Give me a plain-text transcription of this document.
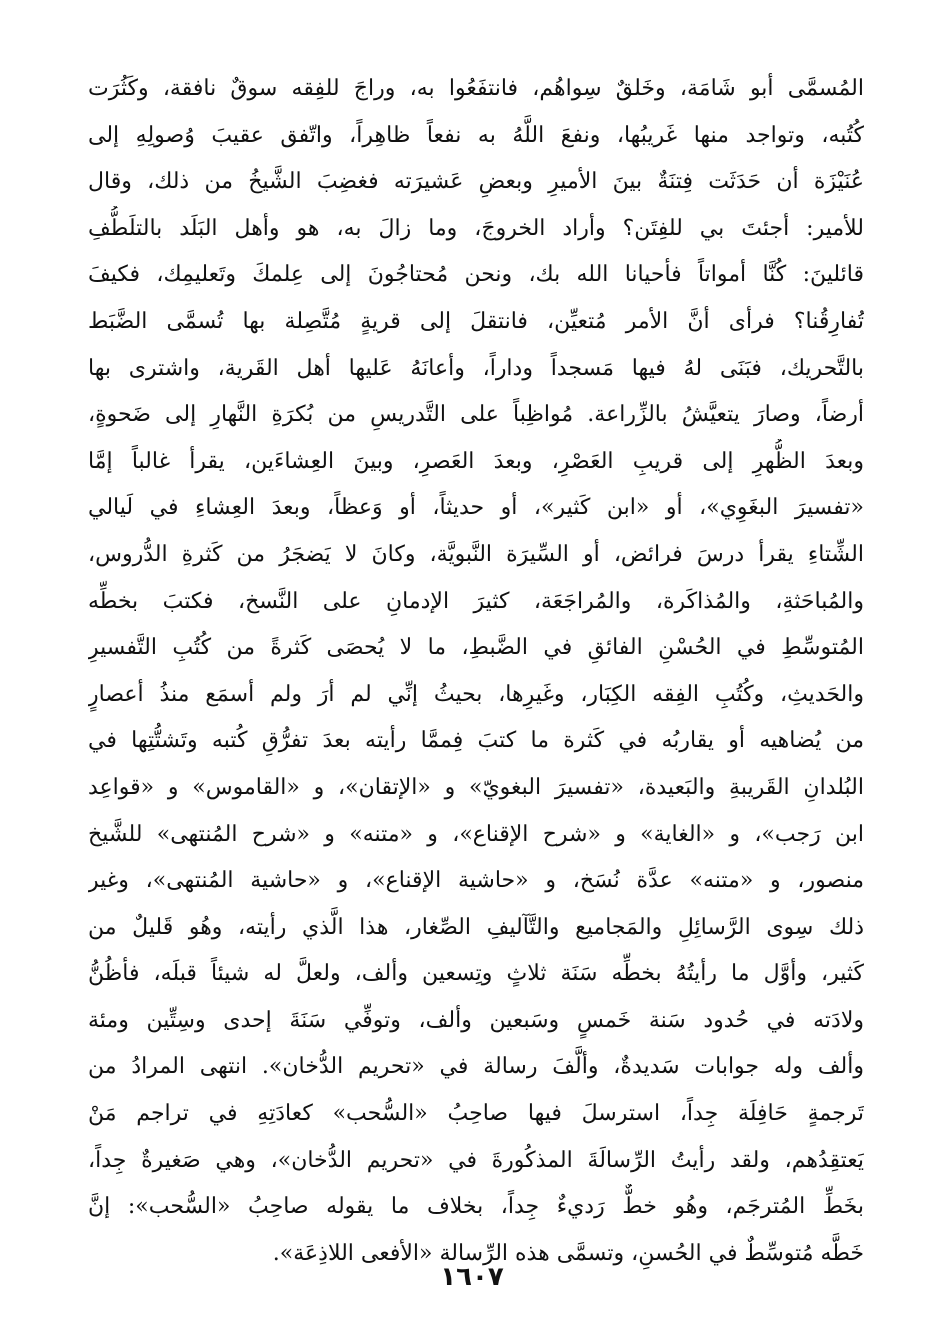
المُسمَّى أبو شَامَة، وخَلقٌ سِواهُم، فانتفَعُوا به، وراجَ للفِقه سوقٌ نافقة، وكَثُرَت
كُتُبه، وتواجد منها غَريبُها، ونفعَ اللَّهُ به نفعاً ظاهِراً، واتّفق عقيبَ وُصولِهِ إلى
عُنَيْزَة أن حَدَثَت فِتنَةٌ بينَ الأميرِ وبعضِ عَشيرَته فغضِبَ الشَّيخُ من ذلك، وقال
للأمير: أجئتَ بي للفِتَن؟ وأراد الخروجَ، وما زالَ به، هو وأهل البَلَد بالتلَطُّفِ
قائلينَ: كُنَّا أمواتاً فأحيانا الله بك، ونحن مُحتاجُونَ إلى عِلمكَ وتَعليمِك، فكيفَ
تُفارِقُنا؟ فرأى أنَّ الأمر مُتعيِّن، فانتقلَ إلى قريةٍ مُتَّصِلة بها تُسمَّى الضَّبَط
بالتَّحريك، فبَنَى لهُ فيها مَسجداً وداراً، وأعانَهُ عَليها أهل القَرية، واشترى بها
أرضاً، وصارَ يتعيَّشُ بالزِّراعة. مُواظِباً على التَّدريسِ من بُكرَةِ النَّهارِ إلى ضَحوةٍ،
وبعدَ الظُّهرِ إلى قريبِ العَصْرِ، وبعدَ العَصرِ، وبينَ العِشاءَين، يقرأ غالباً إمَّا
«تفسيرَ البغَوِي»، أو «ابن كَثير»، أو حديثاً، أو وَعظاً، وبعدَ العِشاءِ في لَيالي
الشِّتاءِ يقرأ درسَ فرائض، أو السِّيرَة النَّبويَّة، وكانَ لا يَضجَرُ من كَثرةِ الدُّروس،
والمُباحَثةِ، والمُذاكَرة، والمُراجَعَة، كثيرَ الإدمانِ على النَّسخ، فكتبَ بخطِّه
المُتوسِّطِ في الحُسْنِ الفائقِ في الضَّبطِ، ما لا يُحصَى كَثرةً من كُتُبِ التَّفسيرِ
والحَديثِ، وكُتُبِ الفِقه الكِبَار، وغَيرِها، بحيثُ إنِّي لم أرَ ولم أسمَع منذُ أعصارٍ
من يُضاهيه أو يقاربُه في كَثرة ما كتبَ فِممَّا رأيته بعدَ تفرُّقِ كُتبه وتَشتُّتِها في
البُلدانِ القَريبةِ والبَعيدة، «تفسيرَ البغويّ» و «الإتقان»، و «القاموس» و «قواعِد
ابن رَجب»، و «الغاية» و «شرح الإقناع»، و «متنه» و «شرح المُنتهى» للشَّيخ
منصور، و «متنه» عدَّة نُسَخ، و «حاشية الإقناع»، و «حاشية المُنتهى»، وغير
ذلك سِوى الرَّسائِلِ والمَجاميع والتَّآليفِ الصِّغار، هذا الَّذي رأيته، وهُو قَليلٌ من
كَثير، وأوَّل ما رأيتُهُ بخطِّه سَنَة ثلاثٍ وتِسعين وألف، ولعلَّ له شيئاً قبلَه، فأظُنُّ
ولادَته في حُدود سَنة خَمسٍ وسَبعين وألف، وتوفِّي سَنَةَ إحدى وسِتِّين ومئة
وألف وله جوابات سَديدةٌ، وألَّفَ رسالة في «تحريم الدُّخان». انتهى المرادُ من
تَرجمةٍ حَافِلَة جِداً، استرسلَ فيها صاحِبُ «السُّحب» كعادَتِهِ في تراجم مَنْ
يَعتقِدُهم، ولقد رأيتُ الرِّسالَةَ المذكُورةَ في «تحريم الدُّخان»، وهي صَغيرةٌ جِداً،
بخَطِّ المُترجَم، وهُو خطٌّ رَديءٌ جِداً، بخلاف ما يقوله صاحِبُ «السُّحب»: إنَّ
خَطَّه مُتوسِّطٌ في الحُسنِ، وتسمَّى هذه الرِّسالة «الأفعى اللاذِعَة».
١٦٠٧
